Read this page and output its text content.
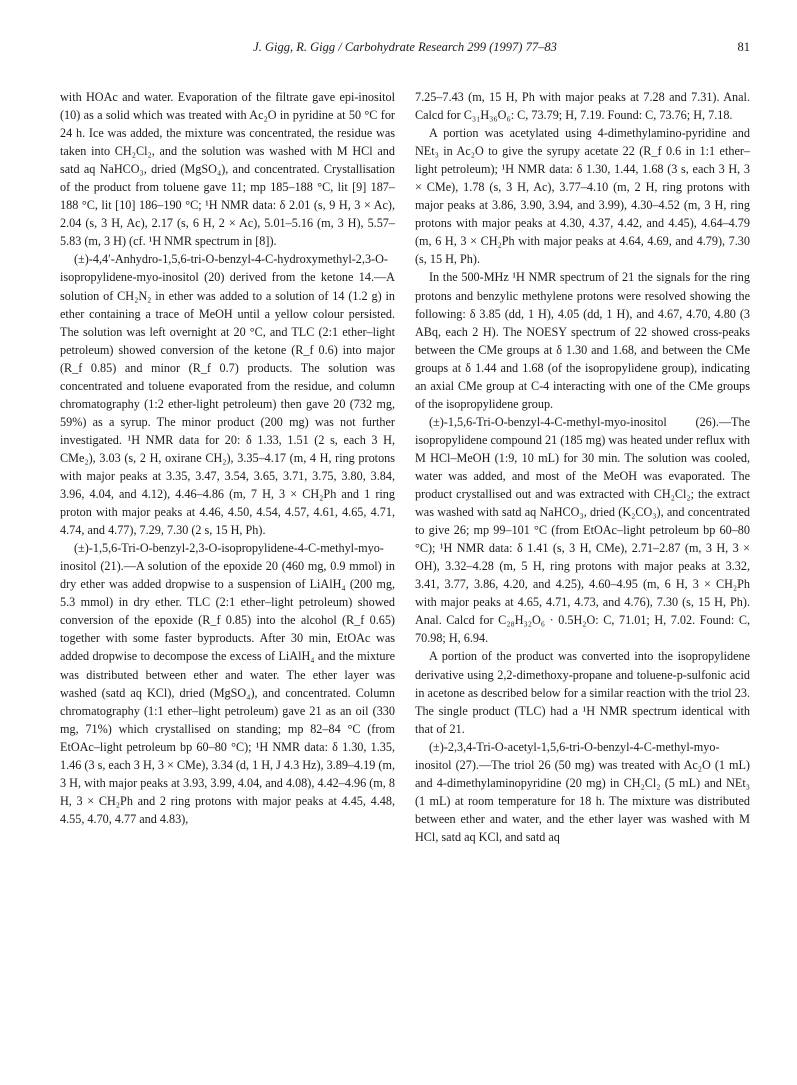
J. Gigg, R. Gigg / Carbohydrate Research 299 (1997) 77–83	81

with HOAc and water. Evaporation of the filtrate gave epi-inositol (10) as a solid which was treated with Ac₂O in pyridine at 50 °C for 24 h. Ice was added, the mixture was concentrated, the residue was taken into CH₂Cl₂, and the solution was washed with M HCl and satd aq NaHCO₃, dried (MgSO₄), and concentrated. Crystallisation of the product from toluene gave 11; mp 185–188 °C, lit [9] 187–188 °C, lit [10] 186–190 °C; ¹H NMR data: δ 2.01 (s, 9 H, 3 × Ac), 2.04 (s, 3 H, Ac), 2.17 (s, 6 H, 2 × Ac), 5.01–5.16 (m, 3 H), 5.57–5.83 (m, 3 H) (cf. ¹H NMR spectrum in [8]).

(±)-4,4′-Anhydro-1,5,6-tri-O-benzyl-4-C-hydroxymethyl-2,3-O-isopropylidene-myo-inositol (20) derived from the ketone 14.—A solution of CH₂N₂ in ether was added to a solution of 14 (1.2 g) in ether containing a trace of MeOH until a yellow colour persisted. The solution was left overnight at 20 °C, and TLC (2:1 ether–light petroleum) showed conversion of the ketone (R_f 0.6) into major (R_f 0.85) and minor (R_f 0.7) products. The solution was concentrated and toluene evaporated from the residue, and column chromatography (1:2 ether-light petroleum) then gave 20 (732 mg, 59%) as a syrup. The minor product (200 mg) was not further investigated. ¹H NMR data for 20: δ 1.33, 1.51 (2 s, each 3 H, CMe₂), 3.03 (s, 2 H, oxirane CH₂), 3.35–4.17 (m, 4 H, ring protons with major peaks at 3.35, 3.47, 3.54, 3.65, 3.71, 3.75, 3.80, 3.84, 3.96, 4.04, and 4.12), 4.46–4.86 (m, 7 H, 3 × CH₂Ph and 1 ring proton with major peaks at 4.46, 4.50, 4.54, 4.57, 4.61, 4.65, 4.71, 4.74, and 4.77), 7.29, 7.30 (2 s, 15 H, Ph).

(±)-1,5,6-Tri-O-benzyl-2,3-O-isopropylidene-4-C-methyl-myo-inositol (21).—A solution of the epoxide 20 (460 mg, 0.9 mmol) in dry ether was added dropwise to a suspension of LiAlH₄ (200 mg, 5.3 mmol) in dry ether. TLC (2:1 ether–light petroleum) showed conversion of the epoxide (R_f 0.85) into the alcohol (R_f 0.65) together with some faster byproducts. After 30 min, EtOAc was added dropwise to decompose the excess of LiAlH₄ and the mixture was distributed between ether and water. The ether layer was washed (satd aq KCl), dried (MgSO₄), and concentrated. Column chromatography (1:1 ether–light petroleum) gave 21 as an oil (330 mg, 71%) which crystallised on standing; mp 82–84 °C (from EtOAc–light petroleum bp 60–80 °C); ¹H NMR data: δ 1.30, 1.35, 1.46 (3 s, each 3 H, 3 × CMe), 3.34 (d, 1 H, J 4.3 Hz), 3.89–4.19 (m, 3 H, with major peaks at 3.93, 3.99, 4.04, and 4.08), 4.42–4.96 (m, 8 H, 3 × CH₂Ph and 2 ring protons with major peaks at 4.45, 4.48, 4.55, 4.70, 4.77 and 4.83),

7.25–7.43 (m, 15 H, Ph with major peaks at 7.28 and 7.31). Anal. Calcd for C₃₁H₃₆O₆: C, 73.79; H, 7.19. Found: C, 73.76; H, 7.18.

A portion was acetylated using 4-dimethylamino-pyridine and NEt₃ in Ac₂O to give the syrupy acetate 22 (R_f 0.6 in 1:1 ether–light petroleum); ¹H NMR data: δ 1.30, 1.44, 1.68 (3 s, each 3 H, 3 × CMe), 1.78 (s, 3 H, Ac), 3.77–4.10 (m, 2 H, ring protons with major peaks at 3.86, 3.90, 3.94, and 3.99), 4.30–4.52 (m, 3 H, ring protons with major peaks at 4.30, 4.37, 4.42, and 4.45), 4.64–4.79 (m, 6 H, 3 × CH₂Ph with major peaks at 4.64, 4.69, and 4.79), 7.30 (s, 15 H, Ph).

In the 500-MHz ¹H NMR spectrum of 21 the signals for the ring protons and benzylic methylene protons were resolved showing the following: δ 3.85 (dd, 1 H), 4.05 (dd, 1 H), and 4.67, 4.70, 4.80 (3 ABq, each 2 H). The NOESY spectrum of 22 showed cross-peaks between the CMe groups at δ 1.30 and 1.68, and between the CMe groups at δ 1.44 and 1.68 (of the isopropylidene group), indicating an axial CMe group at C-4 interacting with one of the CMe groups of the isopropylidene group.

(±)-1,5,6-Tri-O-benzyl-4-C-methyl-myo-inositol (26).—The isopropylidene compound 21 (185 mg) was heated under reflux with M HCl–MeOH (1:9, 10 mL) for 30 min. The solution was cooled, water was added, and most of the MeOH was evaporated. The product crystallised out and was extracted with CH₂Cl₂; the extract was washed with satd aq NaHCO₃, dried (K₂CO₃), and concentrated to give 26; mp 99–101 °C (from EtOAc–light petroleum bp 60–80 °C); ¹H NMR data: δ 1.41 (s, 3 H, CMe), 2.71–2.87 (m, 3 H, 3 × OH), 3.32–4.28 (m, 5 H, ring protons with major peaks at 3.32, 3.41, 3.77, 3.86, 4.20, and 4.25), 4.60–4.95 (m, 6 H, 3 × CH₂Ph with major peaks at 4.65, 4.71, 4.73, and 4.76), 7.30 (s, 15 H, Ph). Anal. Calcd for C₂₈H₃₂O₆ · 0.5H₂O: C, 71.01; H, 7.02. Found: C, 70.98; H, 6.94.

A portion of the product was converted into the isopropylidene derivative using 2,2-dimethoxy-propane and toluene-p-sulfonic acid in acetone as described below for a similar reaction with the triol 23. The single product (TLC) had a ¹H NMR spectrum identical with that of 21.

(±)-2,3,4-Tri-O-acetyl-1,5,6-tri-O-benzyl-4-C-methyl-myo-inositol (27).—The triol 26 (50 mg) was treated with Ac₂O (1 mL) and 4-dimethylaminopyridine (20 mg) in CH₂Cl₂ (5 mL) and NEt₃ (1 mL) at room temperature for 18 h. The mixture was distributed between ether and water, and the ether layer was washed with M HCl, satd aq KCl, and satd aq
